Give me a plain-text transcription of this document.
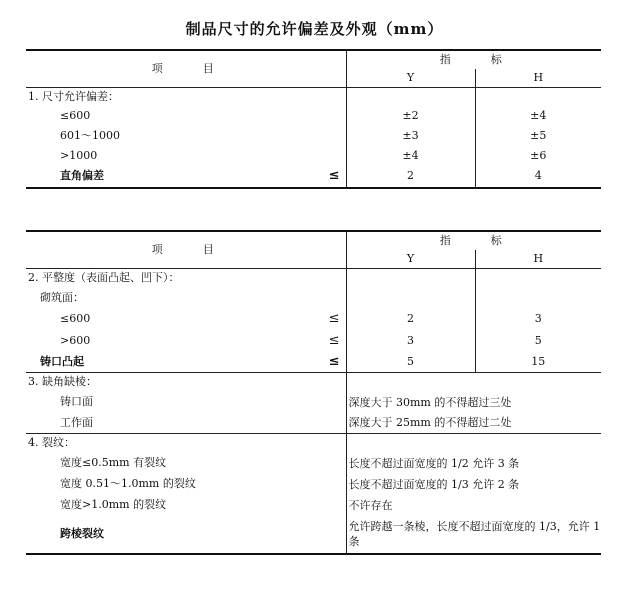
制品尺寸的允许偏差及外观（mm）
项　　目	指　　标	
	Y	H
1. 尺寸允许偏差：		
≤600	±2	±4
601～1000	±3	±5
>1000	±4	±6
直角偏差 ≤	2	4
项　　目	指　　标	
	Y	H
2. 平整度（表面凸起、凹下）：		
砌筑面：		
≤600 ≤	2	3
>600 ≤	3	5
铸口凸起 ≤	5	15
3. 缺角缺棱：		
铸口面	深度大于 30mm 的不得超过三处	
工作面	深度大于 25mm 的不得超过二处	
4. 裂纹：		
宽度≤0.5mm 有裂纹	长度不超过面宽度的 1/2 允许 3 条	
宽度 0.51～1.0mm 的裂纹	长度不超过面宽度的 1/3 允许 2 条	
宽度>1.0mm 的裂纹	不许存在	
跨棱裂纹	允许跨越一条棱，长度不超过面宽度的 1/3，允许 1 条	
